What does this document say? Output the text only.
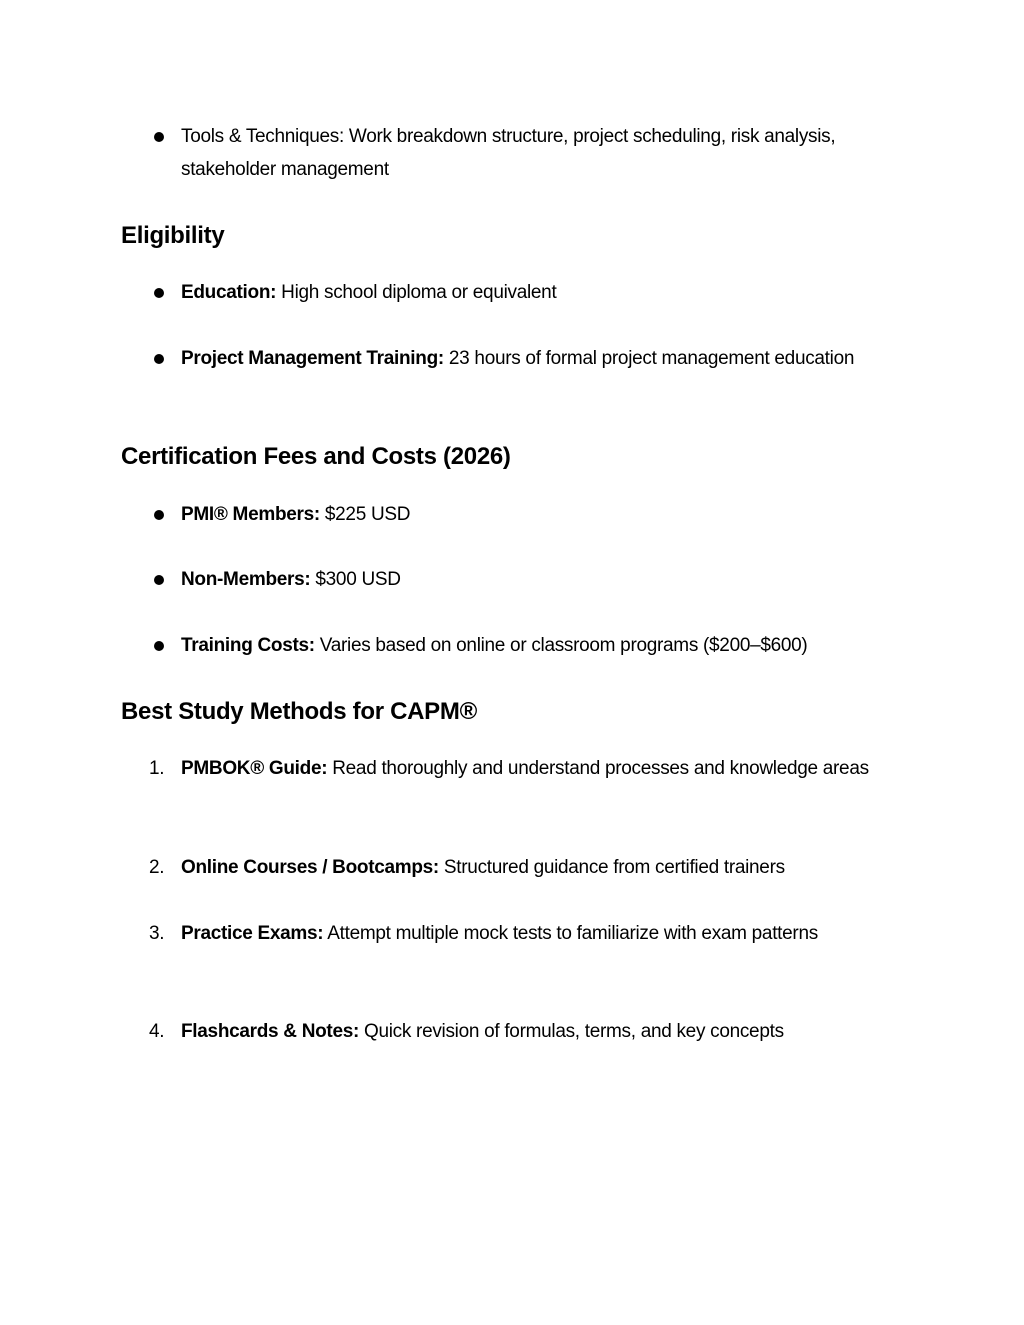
Tools & Techniques: Work breakdown structure, project scheduling, risk analysis, stakeholder management
Eligibility
Education: High school diploma or equivalent
Project Management Training: 23 hours of formal project management education
Certification Fees and Costs (2026)
PMI® Members: $225 USD
Non-Members: $300 USD
Training Costs: Varies based on online or classroom programs ($200–$600)
Best Study Methods for CAPM®
1. PMBOK® Guide: Read thoroughly and understand processes and knowledge areas
2. Online Courses / Bootcamps: Structured guidance from certified trainers
3. Practice Exams: Attempt multiple mock tests to familiarize with exam patterns
4. Flashcards & Notes: Quick revision of formulas, terms, and key concepts
